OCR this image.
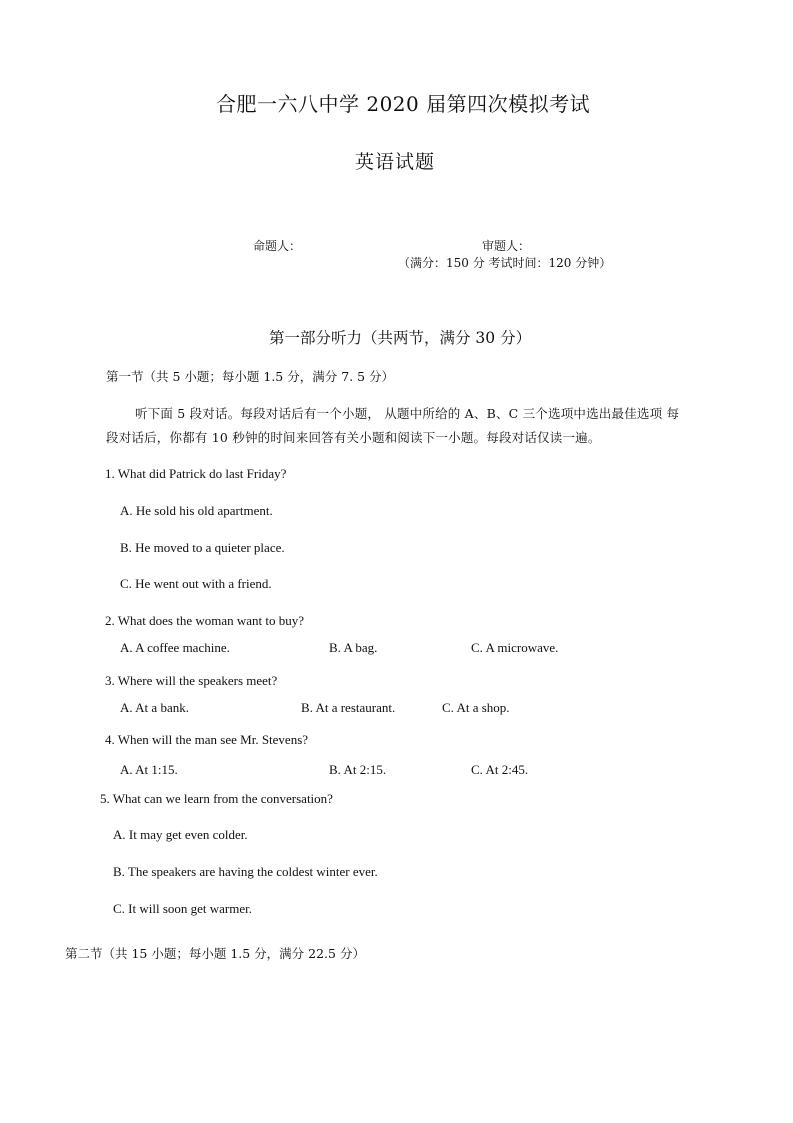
合肥一六八中学 2020 届第四次模拟考试
英语试题
命题人：	审题人：
（满分：150 分 考试时间：120 分钟）
第一部分听力（共两节，满分 30 分）
第一节（共 5 小题；每小题 1.5 分，满分 7. 5 分）
听下面 5 段对话。每段对话后有一个小题， 从题中所给的 A、B、C 三个选项中选出最佳选项 每
段对话后，你都有 10 秒钟的时间来回答有关小题和阅读下一小题。每段对话仅读一遍。
1. What did Patrick do last Friday?
A. He sold his old apartment.
B. He moved to a quieter place.
C. He went out with a friend.
2. What does the woman want to buy?
A. A coffee machine.	B. A bag.	C. A microwave.
3. Where will the speakers meet?
A. At a bank.	B. At a restaurant.	C. At a shop.
4. When will the man see Mr. Stevens?
A. At 1:15.	B. At 2:15.	C. At 2:45.
5. What can we learn from the conversation?
A. It may get even colder.
B. The speakers are having the coldest winter ever.
C. It will soon get warmer.
第二节（共 15 小题；每小题 1.5 分，满分 22.5 分）
